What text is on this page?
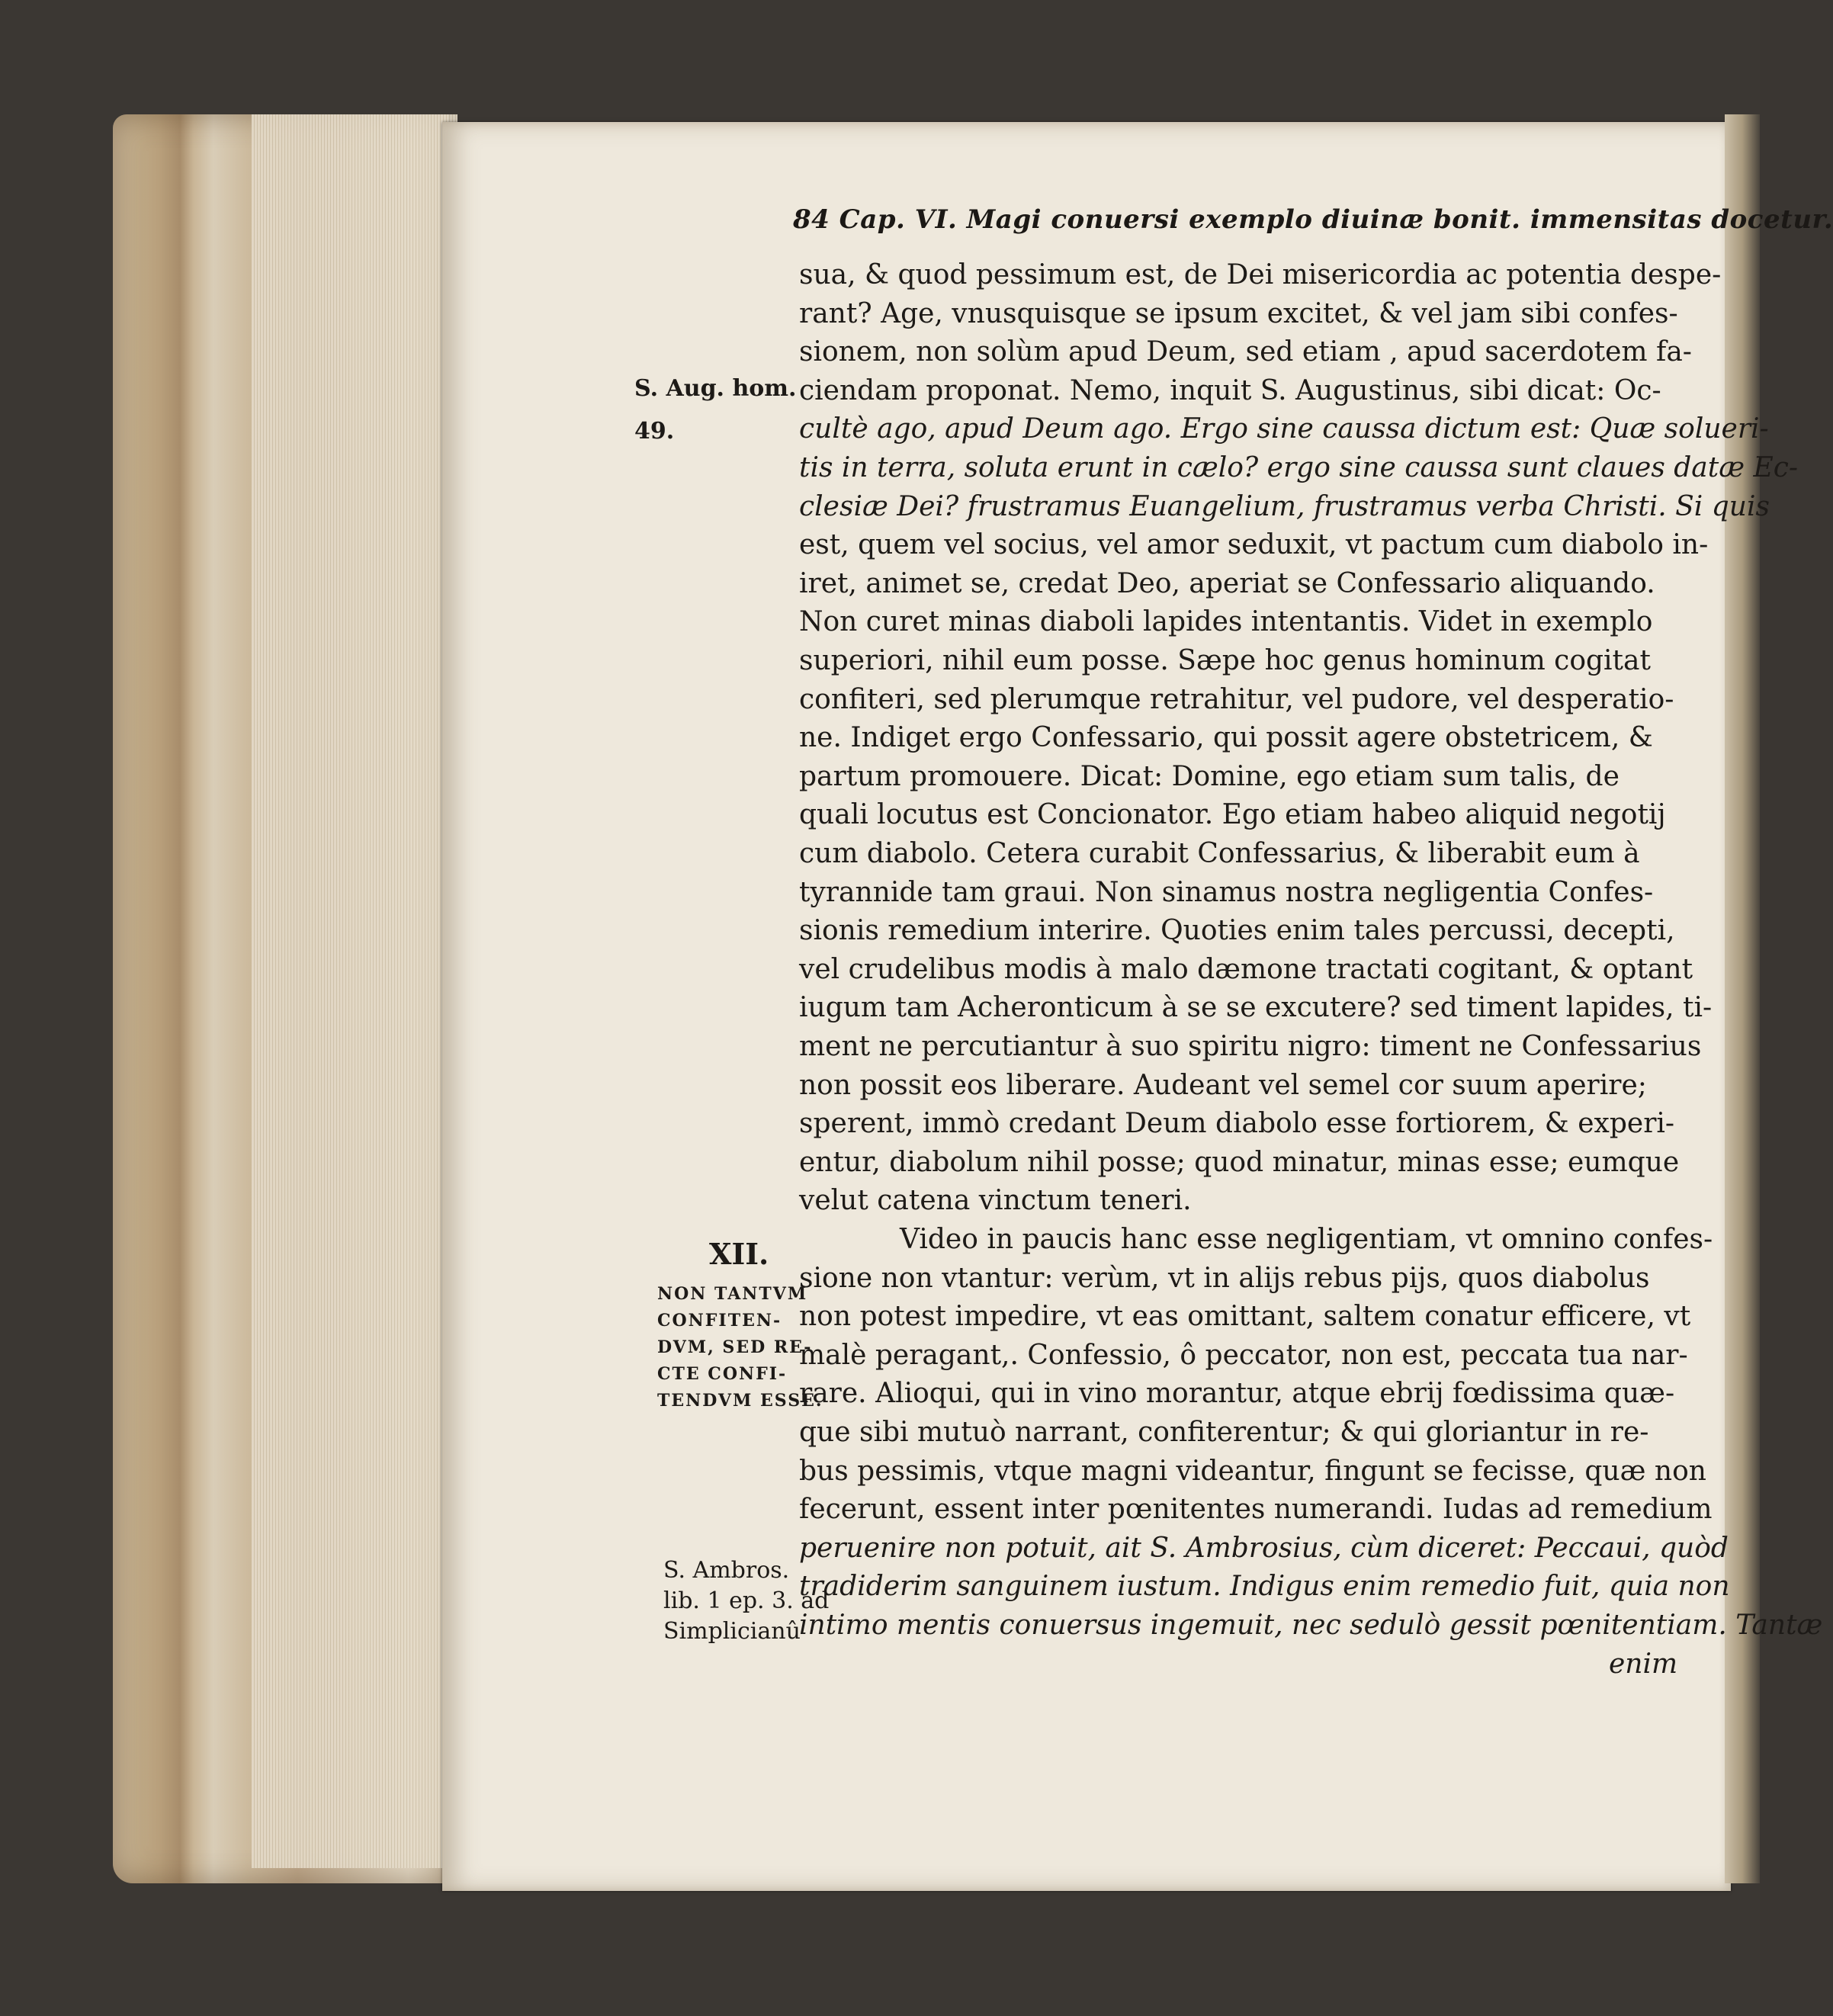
84 Cap. VI. Magi conuersi exemplo diuinæ bonit. immensitas docetur.
sua, & quod pessimum est, de Dei misericordia ac potentia despe-
rant? Age, vnusquisque se ipsum excitet, & vel jam sibi confes-
sionem, non solùm apud Deum, sed etiam , apud sacerdotem fa-
ciendam proponat. Nemo, inquit S. Augustinus, sibi dicat: Oc-
cultè ago, apud Deum ago. Ergo sine caussa dictum est: Quæ solueri-
tis in terra, soluta erunt in cælo? ergo sine caussa sunt claues datæ Ec-
clesiæ Dei? frustramus Euangelium, frustramus verba Christi. Si quis
est, quem vel socius, vel amor seduxit, vt pactum cum diabolo in-
iret, animet se, credat Deo, aperiat se Confessario aliquando.
Non curet minas diaboli lapides intentantis. Videt in exemplo
superiori, nihil eum posse. Sæpe hoc genus hominum cogitat
confiteri, sed plerumque retrahitur, vel pudore, vel desperatio-
ne. Indiget ergo Confessario, qui possit agere obstetricem, &
partum promouere. Dicat: Domine, ego etiam sum talis, de
quali locutus est Concionator. Ego etiam habeo aliquid negotij
cum diabolo. Cetera curabit Confessarius, & liberabit eum à
tyrannide tam graui. Non sinamus nostra negligentia Confes-
sionis remedium interire. Quoties enim tales percussi, decepti,
vel crudelibus modis à malo dæmone tractati cogitant, & optant
iugum tam Acheronticum à se se excutere? sed timent lapides, ti-
ment ne percutiantur à suo spiritu nigro: timent ne Confessarius
non possit eos liberare. Audeant vel semel cor suum aperire;
sperent, immò credant Deum diabolo esse fortiorem, & experi-
entur, diabolum nihil posse; quod minatur, minas esse; eumque
velut catena vinctum teneri.
Video in paucis hanc esse negligentiam, vt omnino confes-
sione non vtantur: verùm, vt in alijs rebus pijs, quos diabolus
non potest impedire, vt eas omittant, saltem conatur efficere, vt
malè peragant,. Confessio, ô peccator, non est, peccata tua nar-
rare. Alioqui, qui in vino morantur, atque ebrij fœdissima quæ-
que sibi mutuò narrant, confiterentur; & qui gloriantur in re-
bus pessimis, vtque magni videantur, fingunt se fecisse, quæ non
fecerunt, essent inter pœnitentes numerandi. Iudas ad remedium
peruenire non potuit, ait S. Ambrosius, cùm diceret: Peccaui, quòd
tradiderim sanguinem iustum. Indigus enim remedio fuit, quia non
intimo mentis conuersus ingemuit, nec sedulò gessit pœnitentiam. Tantæ
enim
S. Aug. hom.
49.
XII.
NON TANTVM
CONFITEN-
DVM, SED RE-
CTE CONFI-
TENDVM ESSE.
S. Ambros.
lib. 1 ep. 3. ad
Simplicianû
